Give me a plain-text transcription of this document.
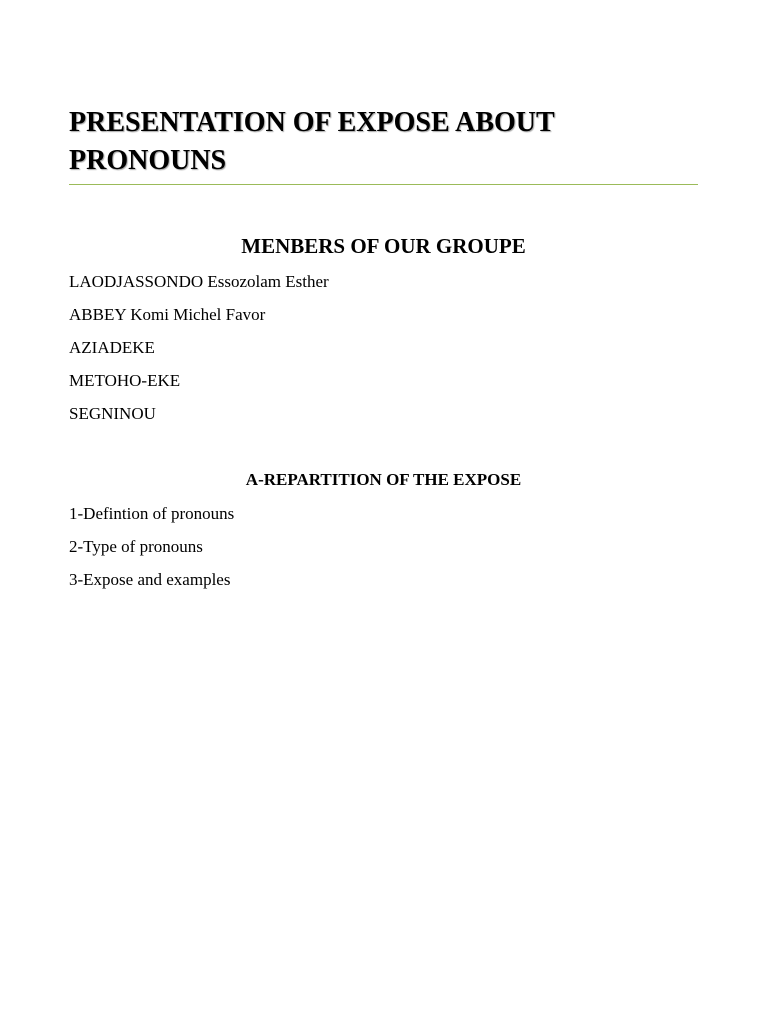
PRESENTATION OF EXPOSE ABOUT PRONOUNS
MENBERS OF OUR GROUPE

LAODJASSONDO Essozolam Esther

ABBEY Komi Michel Favor

AZIADEKE

METOHO-EKE

SEGNINOU

A-REPARTITION OF THE EXPOSE

1-Defintion of pronouns

2-Type of pronouns

3-Expose and examples
